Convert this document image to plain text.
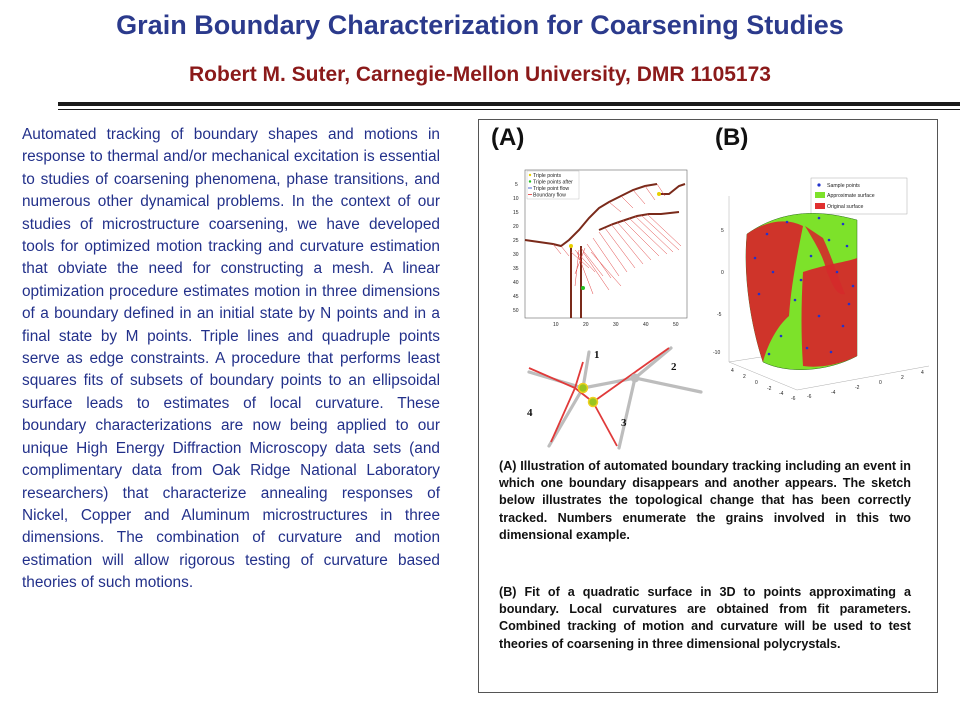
Grain Boundary Characterization for Coarsening Studies
Robert M. Suter, Carnegie-Mellon University, DMR 1105173
Automated tracking of boundary shapes and motions in response to thermal and/or mechanical excitation is essential to studies of coarsening phenomena, phase transitions, and numerous other dynamical problems. In the context of our studies of microstructure coarsening, we have developed tools for optimized motion tracking and curvature estimation that obviate the need for constructing a mesh. A linear optimization procedure estimates motion in three dimensions of a boundary defined in an initial state by N points and in a final state by M points. Triple lines and quadruple points serve as edge constraints. A procedure that performs least squares fits of subsets of boundary points to an ellipsoidal surface leads to estimates of local curvature. These boundary characterizations are now being applied to our unique High Energy Diffraction Microscopy data sets (and complimentary data from Oak Ridge National Laboratory researchers) that characterize annealing responses of Nickel, Copper and Aluminum microstructures in three dimensions. The combination of curvature and motion estimation will allow rigorous testing of curvature based theories of such motions.
(A)	(B)
Triple points
Triple points after
Triple point flow
Boundary flow
5
10
15
20
25
30
35
40
45
50
10	20	30	40	50
1
2
3
4
Sample points
Approximate surface
Original surface
5
0
-5
-10
4
2
0
-2
-4
-6 -6
-4
-2
0
2
4
(A) Illustration of automated boundary tracking including an event in which one boundary disappears and another appears. The sketch below illustrates the topological change that has been correctly tracked. Numbers enumerate the grains involved in this two dimensional example.
(B) Fit of a quadratic surface in 3D to points approximating a boundary. Local curvatures are obtained from fit parameters. Combined tracking of motion and curvature will be used to test theories of coarsening in three dimensional polycrystals.
